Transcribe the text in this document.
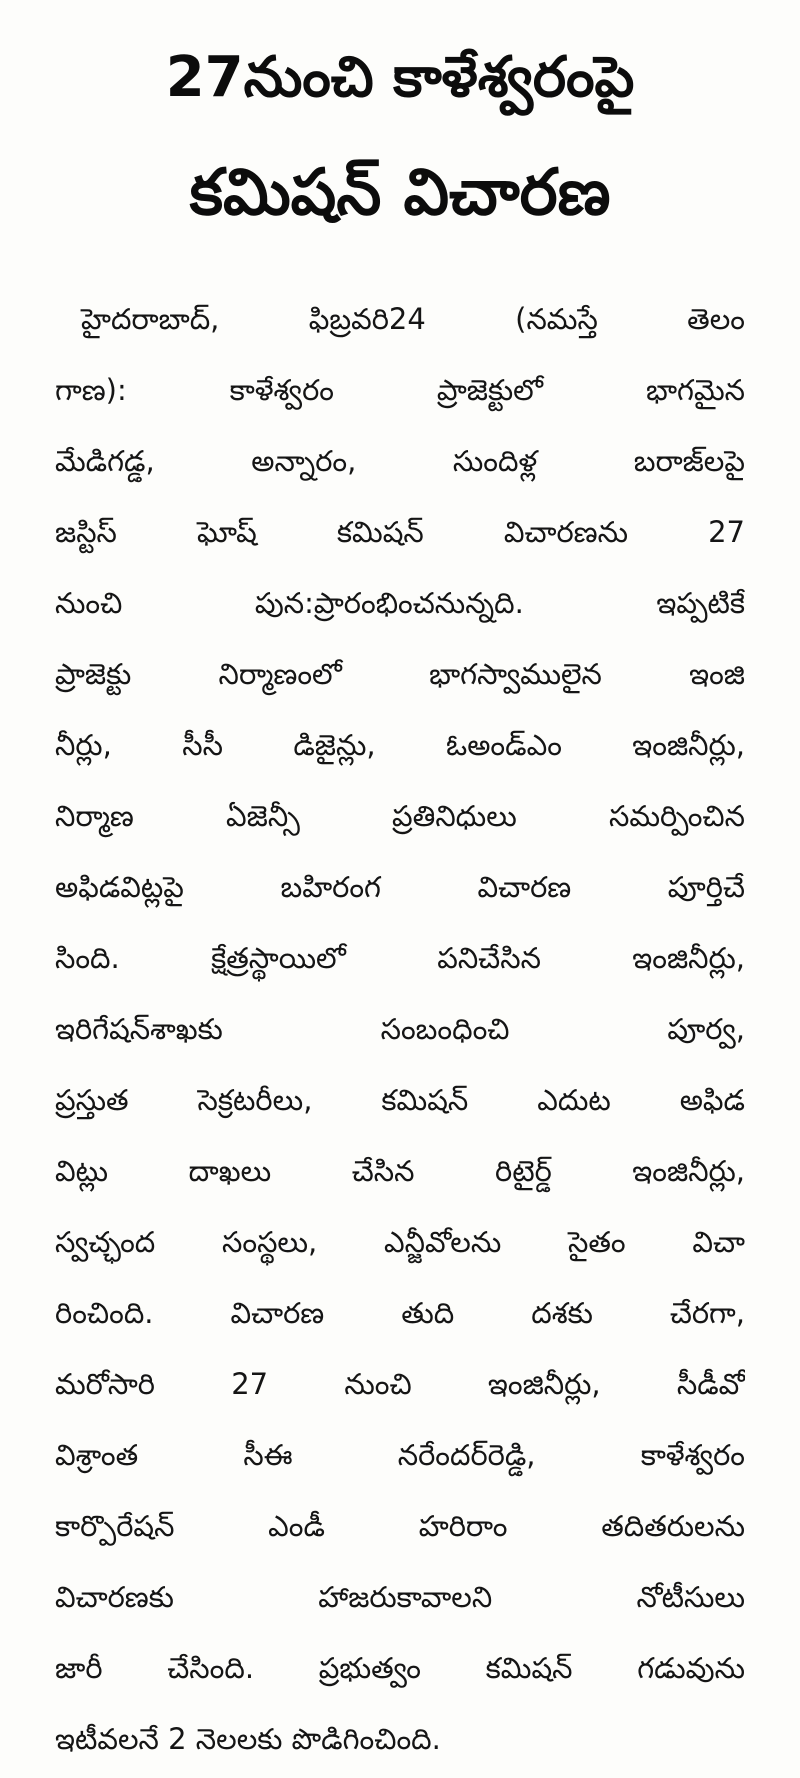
27నుంచి కాళేశ్వరంపై
కమిషన్ విచారణ
హైదరాబాద్, ఫిబ్రవరి24 (నమస్తే తెలం
గాణ): కాళేశ్వరం ప్రాజెక్టులో భాగమైన
మేడిగడ్డ, అన్నారం, సుందిళ్ల బరాజ్‌లపై
జస్టిస్ ఘోష్ కమిషన్ విచారణను 27
నుంచి పున:ప్రారంభించనున్నది. ఇప్పటికే
ప్రాజెక్టు నిర్మాణంలో భాగస్వాములైన ఇంజి
నీర్లు, సీసీ డిజైన్లు, ఓఅండ్ఎం ఇంజినీర్లు,
నిర్మాణ ఏజెన్సీ ప్రతినిధులు సమర్పించిన
అఫిడవిట్లపై బహిరంగ విచారణ పూర్తిచే
సింది. క్షేత్రస్థాయిలో పనిచేసిన ఇంజినీర్లు,
ఇరిగేషన్‌శాఖకు సంబంధించి పూర్వ,
ప్రస్తుత సెక్రటరీలు, కమిషన్ ఎదుట అఫిడ
విట్లు దాఖలు చేసిన రిటైర్డ్ ఇంజినీర్లు,
స్వచ్ఛంద సంస్థలు, ఎన్జీవోలను సైతం విచా
రించింది. విచారణ తుది దశకు చేరగా,
మరోసారి 27 నుంచి ఇంజినీర్లు, సీడీవో
విశ్రాంత సీఈ నరేందర్‌రెడ్డి, కాళేశ్వరం
కార్పొరేషన్ ఎండీ హరిరాం తదితరులను
విచారణకు హాజరుకావాలని నోటీసులు
జారీ చేసింది. ప్రభుత్వం కమిషన్ గడువును
ఇటీవలనే 2 నెలలకు పొడిగించింది.
